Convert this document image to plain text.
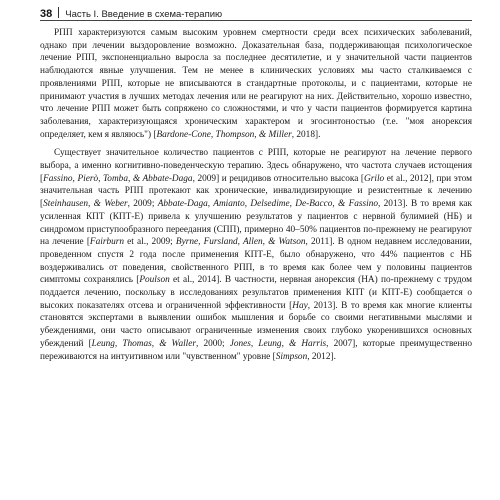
38 Часть I. Введение в схема-терапию

РПП характеризуются самым высоким уровнем смертности среди всех психических заболеваний, однако при лечении выздоровление возможно. Доказательная база, поддерживающая психологическое лечение РПП, экспоненциально выросла за последнее десятилетие, и у значительной части пациентов наблюдаются явные улучшения. Тем не менее в клинических условиях мы часто сталкиваемся с проявлениями РПП, которые не вписываются в стандартные протоколы, и с пациентами, которые не принимают участия в лучших методах лечения или не реагируют на них. Действительно, хорошо известно, что лечение РПП может быть сопряжено со сложностями, и что у части пациентов формируется картина заболевания, характеризующаяся хроническим характером и эгосинтоностью (т.е. "моя анорексия определяет, кем я являюсь") [Bardone-Cone, Thompson, & Miller, 2018].

Существует значительное количество пациентов с РПП, которые не реагируют на лечение первого выбора, а именно когнитивно-поведенческую терапию. Здесь обнаружено, что частота случаев истощения [Fassino, Pierò, Tomba, & Abbate-Daga, 2009] и рецидивов относительно высока [Grilo et al., 2012], при этом значительная часть РПП протекают как хронические, инвалидизирующие и резистентные к лечению [Steinhausen, & Weber, 2009; Abbate-Daga, Amianto, Delsedime, De-Bacco, & Fassino, 2013]. В то время как усиленная КПТ (КПТ-Е) привела к улучшению результатов у пациентов с нервной булимией (НБ) и синдромом приступообразного переедания (СПП), примерно 40–50% пациентов по-прежнему не реагируют на лечение [Fairburn et al., 2009; Byrne, Fursland, Allen, & Watson, 2011]. В одном недавнем исследовании, проведенном спустя 2 года после применения КПТ-Е, было обнаружено, что 44% пациентов с НБ воздерживались от поведения, свойственного РПП, в то время как более чем у половины пациентов симптомы сохранялись [Poulson et al., 2014]. В частности, нервная анорексия (НА) по-прежнему с трудом поддается лечению, поскольку в исследованиях результатов применения КПТ (и КПТ-Е) сообщается о высоких показателях отсева и ограниченной эффективности [Hay, 2013]. В то время как многие клиенты становятся экспертами в выявлении ошибок мышления и борьбе со своими негативными мыслями и убеждениями, они часто описывают ограниченные изменения своих глубоко укоренившихся основных убеждений [Leung, Thomas, & Waller, 2000; Jones, Leung, & Harris, 2007], которые преимущественно переживаются на интуитивном или "чувственном" уровне [Simpson, 2012].
